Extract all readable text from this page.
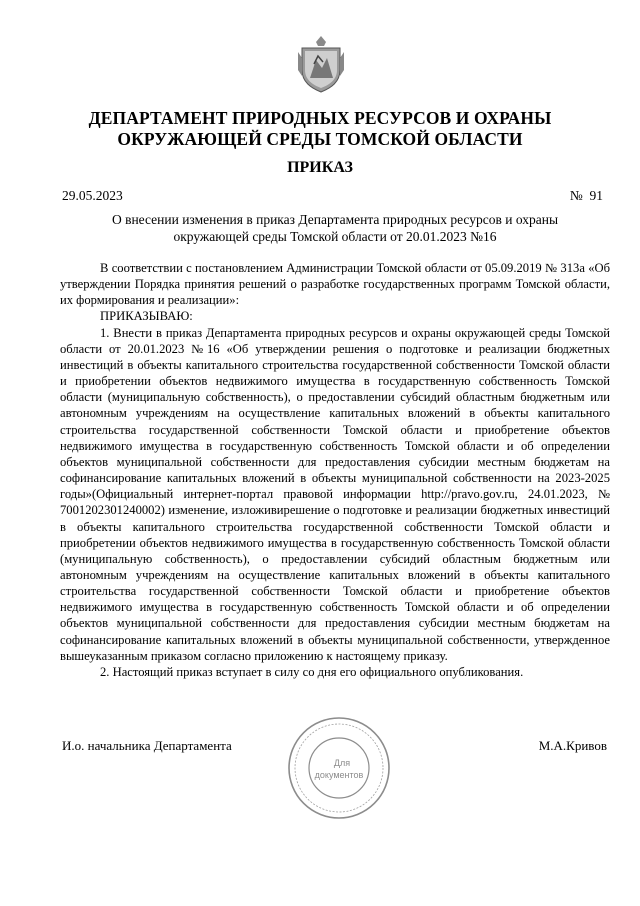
ДЕПАРТАМЕНТ ПРИРОДНЫХ РЕСУРСОВ И ОХРАНЫ
ОКРУЖАЮЩЕЙ СРЕДЫ ТОМСКОЙ ОБЛАСТИ
ПРИКАЗ
29.05.2023	№  91
О внесении изменения в приказ Департамента природных ресурсов и охраны
окружающей среды Томской области от 20.01.2023 №16

В соответствии с постановлением Администрации Томской области от 05.09.2019 № 313а «Об утверждении Порядка принятия решений о разработке государственных программ Томской области, их формирования и реализации»:

ПРИКАЗЫВАЮ:

1. Внести в приказ Департамента природных ресурсов и охраны окружающей среды Томской области от 20.01.2023 №16 «Об утверждении решения о подготовке и реализации бюджетных инвестиций в объекты капитального строительства государственной собственности Томской области и приобретении объектов недвижимого имущества в государственную собственность Томской области (муниципальную собственность), о предоставлении субсидий областным бюджетным или автономным учреждениям на осуществление капитальных вложений в объекты капитального строительства государственной собственности Томской области и приобретение объектов недвижимого имущества в государственную собственность Томской области и об определении объектов муниципальной собственности для предоставления субсидии местным бюджетам на софинансирование капитальных вложений в объекты муниципальной собственности на 2023-2025 годы»(Официальный интернет-портал правовой информации http://pravo.gov.ru, 24.01.2023, № 7001202301240002) изменение, изложивирешение о подготовке и реализации бюджетных инвестиций в объекты капитального строительства государственной собственности Томской области и приобретении объектов недвижимого имущества в государственную собственность Томской области (муниципальную собственность), о предоставлении субсидий областным бюджетным или автономным учреждениям на осуществление капитальных вложений в объекты капитального строительства государственной собственности Томской области и приобретение объектов недвижимого имущества в государственную собственность Томской области и об определении объектов муниципальной собственности для предоставления субсидии местным бюджетам на софинансирование капитальных вложений в объекты муниципальной собственности, утвержденное вышеуказанным приказом согласно приложению к настоящему приказу.

2. Настоящий приказ вступает в силу со дня его официального опубликования.

И.о. начальника Департамента
Для
документов
М.А.Кривов
